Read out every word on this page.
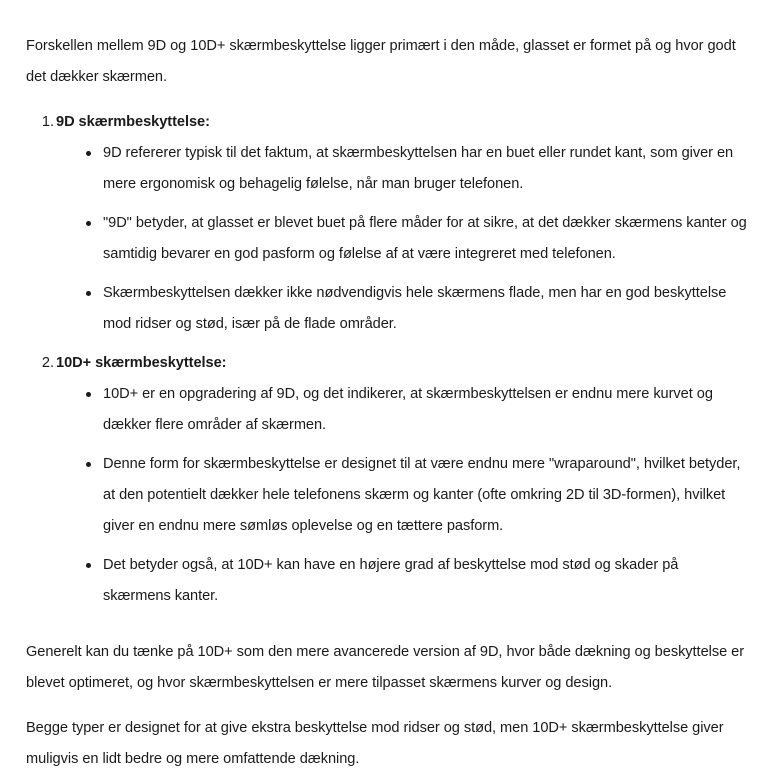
Forskellen mellem 9D og 10D+ skærmbeskyttelse ligger primært i den måde, glasset er formet på og hvor godt det dækker skærmen.

9D skærmbeskyttelse:
9D refererer typisk til det faktum, at skærmbeskyttelsen har en buet eller rundet kant, som giver en mere ergonomisk og behagelig følelse, når man bruger telefonen.
"9D" betyder, at glasset er blevet buet på flere måder for at sikre, at det dækker skærmens kanter og samtidig bevarer en god pasform og følelse af at være integreret med telefonen.
Skærmbeskyttelsen dækker ikke nødvendigvis hele skærmens flade, men har en god beskyttelse mod ridser og stød, især på de flade områder.
10D+ skærmbeskyttelse:
10D+ er en opgradering af 9D, og det indikerer, at skærmbeskyttelsen er endnu mere kurvet og dækker flere områder af skærmen.
Denne form for skærmbeskyttelse er designet til at være endnu mere "wraparound", hvilket betyder, at den potentielt dækker hele telefonens skærm og kanter (ofte omkring 2D til 3D-formen), hvilket giver en endnu mere sømløs oplevelse og en tættere pasform.
Det betyder også, at 10D+ kan have en højere grad af beskyttelse mod stød og skader på skærmens kanter.

Generelt kan du tænke på 10D+ som den mere avancerede version af 9D, hvor både dækning og beskyttelse er blevet optimeret, og hvor skærmbeskyttelsen er mere tilpasset skærmens kurver og design.

Begge typer er designet for at give ekstra beskyttelse mod ridser og stød, men 10D+ skærmbeskyttelse giver muligvis en lidt bedre og mere omfattende dækning.
